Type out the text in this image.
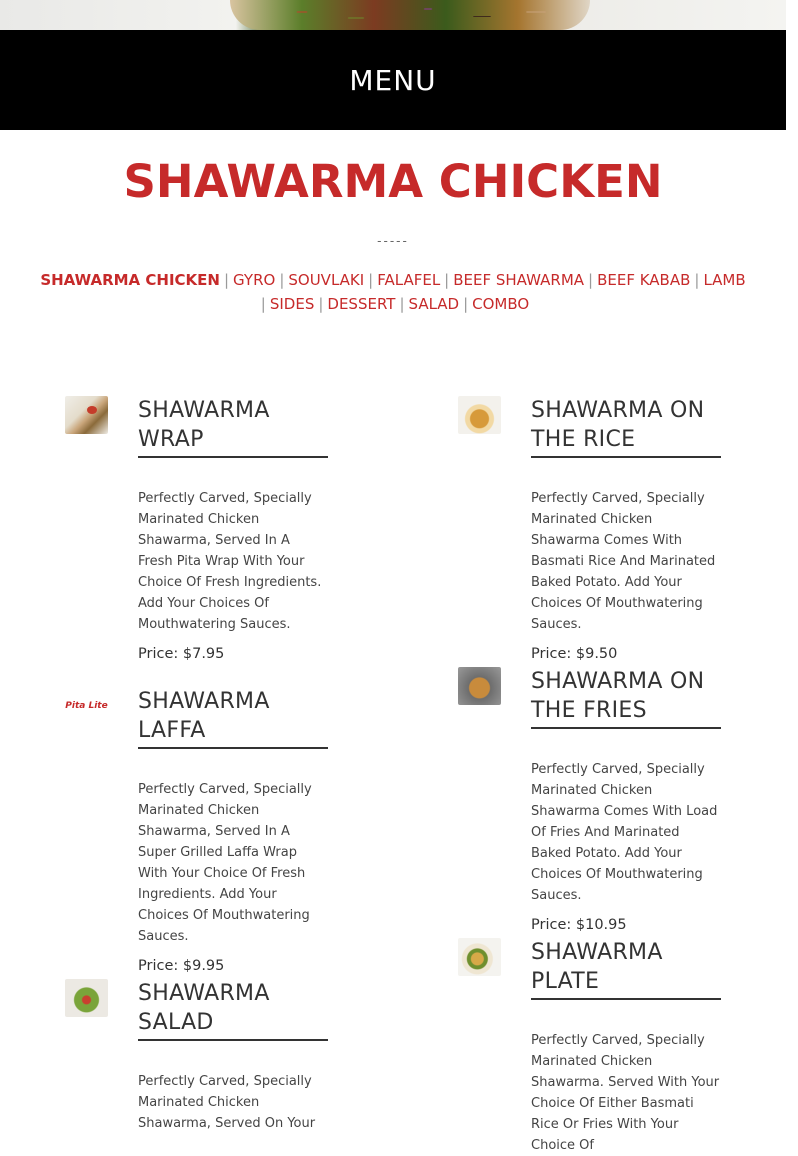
MENU
SHAWARMA CHICKEN
-----
SHAWARMA CHICKEN | GYRO | SOUVLAKI | FALAFEL | BEEF SHAWARMA | BEEF KABAB | LAMB
| SIDES | DESSERT | SALAD | COMBO
SHAWARMA
WRAP

Perfectly Carved, Specially Marinated Chicken Shawarma, Served In A Fresh Pita Wrap With Your Choice Of Fresh Ingredients. Add Your Choices Of Mouthwatering Sauces.

Price: $7.95

Pita Lite SHAWARMA
LAFFA

Perfectly Carved, Specially Marinated Chicken Shawarma, Served In A Super Grilled Laffa Wrap With Your Choice Of Fresh Ingredients. Add Your Choices Of Mouthwatering Sauces.

Price: $9.95

SHAWARMA
SALAD

Perfectly Carved, Specially Marinated Chicken Shawarma, Served On Your

SHAWARMA ON
THE RICE

Perfectly Carved, Specially Marinated Chicken Shawarma Comes With Basmati Rice And Marinated Baked Potato. Add Your Choices Of Mouthwatering Sauces.

Price: $9.50

SHAWARMA ON
THE FRIES

Perfectly Carved, Specially Marinated Chicken Shawarma Comes With Load Of Fries And Marinated Baked Potato. Add Your Choices Of Mouthwatering Sauces.

Price: $10.95

SHAWARMA
PLATE

Perfectly Carved, Specially Marinated Chicken Shawarma. Served With Your Choice Of Either Basmati Rice Or Fries With Your Choice Of
